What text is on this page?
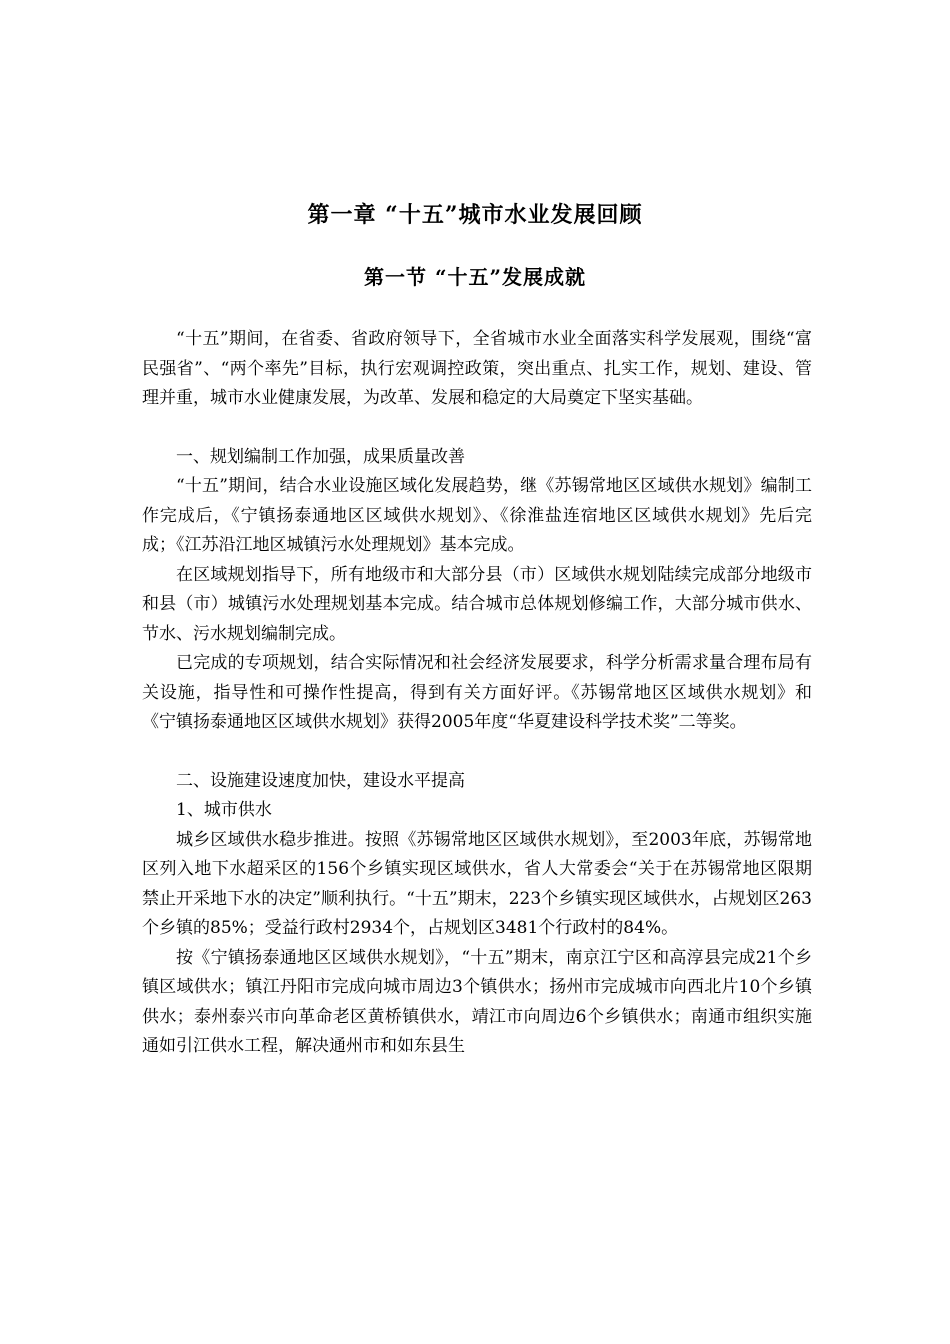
第一章 “十五”城市水业发展回顾
第一节 “十五”发展成就

“十五”期间，在省委、省政府领导下，全省城市水业全面落实科学发展观，围绕“富民强省”、“两个率先”目标，执行宏观调控政策，突出重点、扎实工作，规划、建设、管理并重，城市水业健康发展，为改革、发展和稳定的大局奠定下坚实基础。

一、规划编制工作加强，成果质量改善

“十五”期间，结合水业设施区域化发展趋势，继《苏锡常地区区域供水规划》编制工作完成后，《宁镇扬泰通地区区域供水规划》、《徐淮盐连宿地区区域供水规划》先后完成；《江苏沿江地区城镇污水处理规划》基本完成。

在区域规划指导下，所有地级市和大部分县（市）区域供水规划陆续完成部分地级市和县（市）城镇污水处理规划基本完成。结合城市总体规划修编工作，大部分城市供水、节水、污水规划编制完成。

已完成的专项规划，结合实际情况和社会经济发展要求，科学分析需求量合理布局有关设施，指导性和可操作性提高，得到有关方面好评。《苏锡常地区区域供水规划》和《宁镇扬泰通地区区域供水规划》获得2005年度“华夏建设科学技术奖”二等奖。

二、设施建设速度加快，建设水平提高

1、城市供水

城乡区域供水稳步推进。按照《苏锡常地区区域供水规划》，至2003年底，苏锡常地区列入地下水超采区的156个乡镇实现区域供水，省人大常委会“关于在苏锡常地区限期禁止开采地下水的决定”顺利执行。“十五”期末，223个乡镇实现区域供水，占规划区263个乡镇的85%；受益行政村2934个，占规划区3481个行政村的84%。

按《宁镇扬泰通地区区域供水规划》，“十五”期末，南京江宁区和高淳县完成21个乡镇区域供水；镇江丹阳市完成向城市周边3个镇供水；扬州市完成城市向西北片10个乡镇供水；泰州泰兴市向革命老区黄桥镇供水，靖江市向周边6个乡镇供水；南通市组织实施通如引江供水工程，解决通州市和如东县生
